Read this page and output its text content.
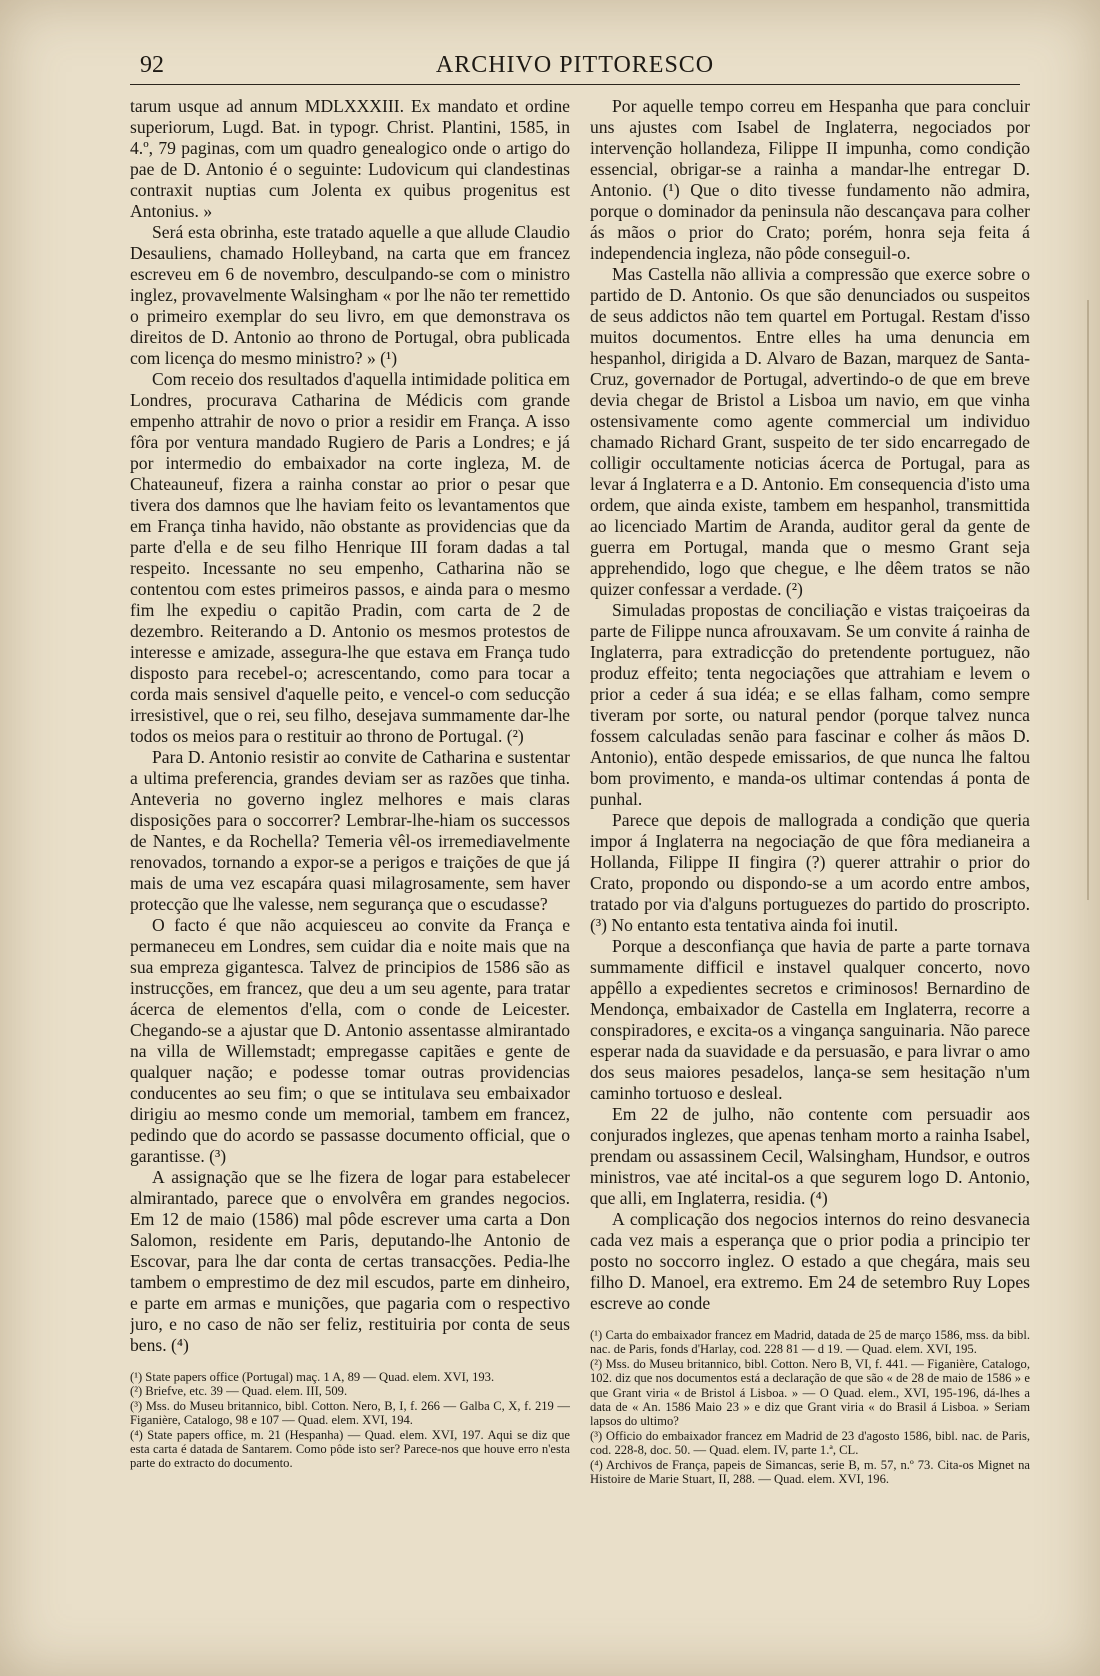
92	ARCHIVO PITTORESCO

tarum usque ad annum MDLXXXIII. Ex mandato et ordine superiorum, Lugd. Bat. in typogr. Christ. Plantini, 1585, in 4.º, 79 paginas, com um quadro genealogico onde o artigo do pae de D. Antonio é o seguinte: Ludovicum qui clandestinas contraxit nuptias cum Jolenta ex quibus progenitus est Antonius. »

Será esta obrinha, este tratado aquelle a que allude Claudio Desauliens, chamado Holleyband, na carta que em francez escreveu em 6 de novembro, desculpando-se com o ministro inglez, provavelmente Walsingham « por lhe não ter remettido o primeiro exemplar do seu livro, em que demonstrava os direitos de D. Antonio ao throno de Portugal, obra publicada com licença do mesmo ministro? » (¹)

Com receio dos resultados d'aquella intimidade politica em Londres, procurava Catharina de Médicis com grande empenho attrahir de novo o prior a residir em França. A isso fôra por ventura mandado Rugiero de Paris a Londres; e já por intermedio do embaixador na corte ingleza, M. de Chateauneuf, fizera a rainha constar ao prior o pesar que tivera dos damnos que lhe haviam feito os levantamentos que em França tinha havido, não obstante as providencias que da parte d'ella e de seu filho Henrique III foram dadas a tal respeito. Incessante no seu empenho, Catharina não se contentou com estes primeiros passos, e ainda para o mesmo fim lhe expediu o capitão Pradin, com carta de 2 de dezembro. Reiterando a D. Antonio os mesmos protestos de interesse e amizade, assegura-lhe que estava em França tudo disposto para recebel-o; acrescentando, como para tocar a corda mais sensivel d'aquelle peito, e vencel-o com seducção irresistivel, que o rei, seu filho, desejava summamente dar-lhe todos os meios para o restituir ao throno de Portugal. (²)

Para D. Antonio resistir ao convite de Catharina e sustentar a ultima preferencia, grandes deviam ser as razões que tinha. Anteveria no governo inglez melhores e mais claras disposições para o soccorrer? Lembrar-lhe-hiam os successos de Nantes, e da Rochella? Temeria vêl-os irremediavelmente renovados, tornando a expor-se a perigos e traições de que já mais de uma vez escapára quasi milagrosamente, sem haver protecção que lhe valesse, nem segurança que o escudasse?

O facto é que não acquiesceu ao convite da França e permaneceu em Londres, sem cuidar dia e noite mais que na sua empreza gigantesca. Talvez de principios de 1586 são as instrucções, em francez, que deu a um seu agente, para tratar ácerca de elementos d'ella, com o conde de Leicester. Chegando-se a ajustar que D. Antonio assentasse almirantado na villa de Willemstadt; empregasse capitães e gente de qualquer nação; e podesse tomar outras providencias conducentes ao seu fim; o que se intitulava seu embaixador dirigiu ao mesmo conde um memorial, tambem em francez, pedindo que do acordo se passasse documento official, que o garantisse. (³)

A assignação que se lhe fizera de logar para estabelecer almirantado, parece que o envolvêra em grandes negocios. Em 12 de maio (1586) mal pôde escrever uma carta a Don Salomon, residente em Paris, deputando-lhe Antonio de Escovar, para lhe dar conta de certas transacções. Pedia-lhe tambem o emprestimo de dez mil escudos, parte em dinheiro, e parte em armas e munições, que pagaria com o respectivo juro, e no caso de não ser feliz, restituiria por conta de seus bens. (⁴)

(¹) State papers office (Portugal) maç. 1 A, 89 — Quad. elem. XVI, 193.
(²) Briefve, etc. 39 — Quad. elem. III, 509.
(³) Mss. do Museu britannico, bibl. Cotton. Nero, B, I, f. 266 — Galba C, X, f. 219 — Figanière, Catalogo, 98 e 107 — Quad. elem. XVI, 194.
(⁴) State papers office, m. 21 (Hespanha) — Quad. elem. XVI, 197. Aqui se diz que esta carta é datada de Santarem. Como pôde isto ser? Parece-nos que houve erro n'esta parte do extracto do documento.

Por aquelle tempo correu em Hespanha que para concluir uns ajustes com Isabel de Inglaterra, negociados por intervenção hollandeza, Filippe II impunha, como condição essencial, obrigar-se a rainha a mandar-lhe entregar D. Antonio. (¹) Que o dito tivesse fundamento não admira, porque o dominador da peninsula não descançava para colher ás mãos o prior do Crato; porém, honra seja feita á independencia ingleza, não pôde conseguil-o.

Mas Castella não allivia a compressão que exerce sobre o partido de D. Antonio. Os que são denunciados ou suspeitos de seus addictos não tem quartel em Portugal. Restam d'isso muitos documentos. Entre elles ha uma denuncia em hespanhol, dirigida a D. Alvaro de Bazan, marquez de Santa-Cruz, governador de Portugal, advertindo-o de que em breve devia chegar de Bristol a Lisboa um navio, em que vinha ostensivamente como agente commercial um individuo chamado Richard Grant, suspeito de ter sido encarregado de colligir occultamente noticias ácerca de Portugal, para as levar á Inglaterra e a D. Antonio. Em consequencia d'isto uma ordem, que ainda existe, tambem em hespanhol, transmittida ao licenciado Martim de Aranda, auditor geral da gente de guerra em Portugal, manda que o mesmo Grant seja apprehendido, logo que chegue, e lhe dêem tratos se não quizer confessar a verdade. (²)

Simuladas propostas de conciliação e vistas traiçoeiras da parte de Filippe nunca afrouxavam. Se um convite á rainha de Inglaterra, para extradicção do pretendente portuguez, não produz effeito; tenta negociações que attrahiam e levem o prior a ceder á sua idéa; e se ellas falham, como sempre tiveram por sorte, ou natural pendor (porque talvez nunca fossem calculadas senão para fascinar e colher ás mãos D. Antonio), então despede emissarios, de que nunca lhe faltou bom provimento, e manda-os ultimar contendas á ponta de punhal.

Parece que depois de mallograda a condição que queria impor á Inglaterra na negociação de que fôra medianeira a Hollanda, Filippe II fingira (?) querer attrahir o prior do Crato, propondo ou dispondo-se a um acordo entre ambos, tratado por via d'alguns portuguezes do partido do proscripto. (³) No entanto esta tentativa ainda foi inutil.

Porque a desconfiança que havia de parte a parte tornava summamente difficil e instavel qualquer concerto, novo appêllo a expedientes secretos e criminosos! Bernardino de Mendonça, embaixador de Castella em Inglaterra, recorre a conspiradores, e excita-os a vingança sanguinaria. Não parece esperar nada da suavidade e da persuasão, e para livrar o amo dos seus maiores pesadelos, lança-se sem hesitação n'um caminho tortuoso e desleal.

Em 22 de julho, não contente com persuadir aos conjurados inglezes, que apenas tenham morto a rainha Isabel, prendam ou assassinem Cecil, Walsingham, Hundsor, e outros ministros, vae até incital-os a que segurem logo D. Antonio, que alli, em Inglaterra, residia. (⁴)

A complicação dos negocios internos do reino desvanecia cada vez mais a esperança que o prior podia a principio ter posto no soccorro inglez. O estado a que chegára, mais seu filho D. Manoel, era extremo. Em 24 de setembro Ruy Lopes escreve ao conde

(¹) Carta do embaixador francez em Madrid, datada de 25 de março 1586, mss. da bibl. nac. de Paris, fonds d'Harlay, cod. 228 81 — d 19. — Quad. elem. XVI, 195.
(²) Mss. do Museu britannico, bibl. Cotton. Nero B, VI, f. 441. — Figanière, Catalogo, 102. diz que nos documentos está a declaração de que são « de 28 de maio de 1586 » e que Grant viria « de Bristol á Lisboa. » — O Quad. elem., XVI, 195-196, dá-lhes a data de « An. 1586 Maio 23 » e diz que Grant viria « do Brasil á Lisboa. » Seriam lapsos do ultimo?
(³) Officio do embaixador francez em Madrid de 23 d'agosto 1586, bibl. nac. de Paris, cod. 228-8, doc. 50. — Quad. elem. IV, parte 1.ª, CL.
(⁴) Archivos de França, papeis de Simancas, serie B, m. 57, n.º 73. Cita-os Mignet na Histoire de Marie Stuart, II, 288. — Quad. elem. XVI, 196.
